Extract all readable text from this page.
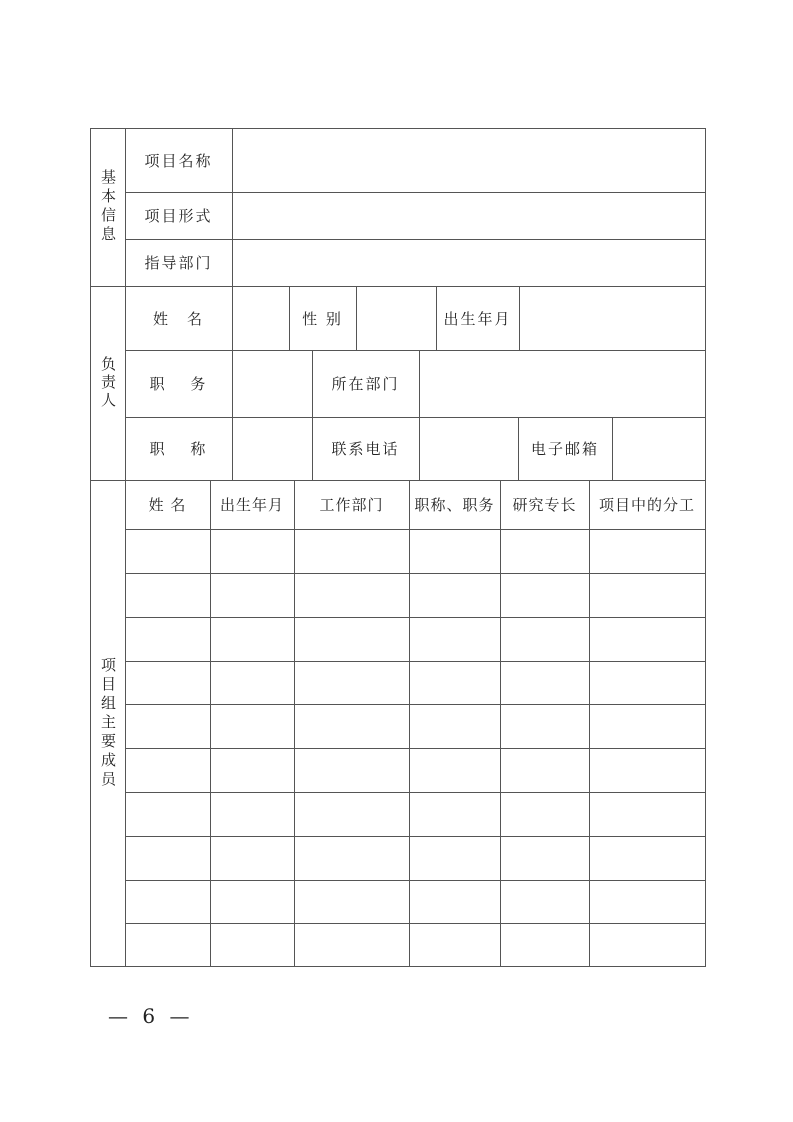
基本信息
项目名称
项目形式
指导部门
负责人
姓　名	性 别	出生年月
职　 务	所在部门
职　 称	联系电话	电子邮箱
项目组主要成员
姓 名	出生年月	工作部门	职称、职务	研究专长	项目中的分工
— 6 —
